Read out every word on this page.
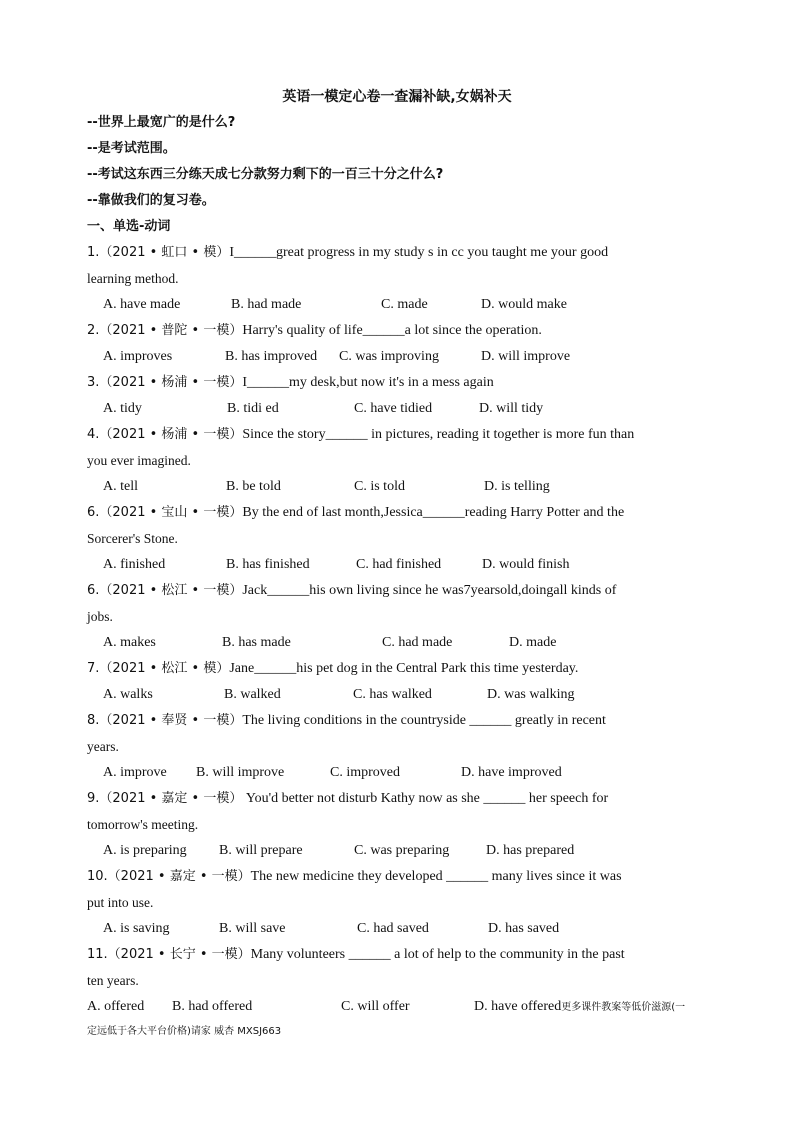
英语一模定心卷一查漏补缺,女娲补天
--世界上最宽广的是什么?
--是考试范围。
--考试这东西三分练天成七分款努力剩下的一百三十分之什么?
--靠做我们的复习卷。
一、单选-动词
1.（2021 • 虹口 • 模）I______great progress in my study s in cc you taught me your good
learning method.
A. have made	B. had made	C. made	D. would make
2.（2021 • 普陀 • 一模）Harry's quality of life______a lot since the operation.
A. improves	B. has improved C. was improving	D. will improve
3.（2021 • 杨浦 • 一模）I______my desk,but now it's in a mess again
A. tidy	B. tidi ed	C. have tidied	D. will tidy
4.（2021 • 杨浦 • 一模）Since the story______ in pictures, reading it together is more fun than
you ever imagined.
A. tell	B. be told	C. is told	D. is telling
6.（2021 • 宝山 • 一模）By the end of last month,Jessica______reading Harry Potter and the
Sorcerer's Stone.
A. finished	B. has finished	C. had finished	D. would finish
6.（2021 • 松江 • 一模）Jack______his own living since he was7yearsold,doingall kinds of
jobs.
A. makes	B. has made	C. had made	D. made
7.（2021 • 松江 • 模）Jane______his pet dog in the Central Park this time yesterday.
A. walks	B. walked	C. has walked	D. was walking
8.（2021 • 奉贤 • 一模）The living conditions in the countryside ______ greatly in recent
years.
A. improve B. will improve	C. improved	D. have improved
9.（2021 • 嘉定 • 一模） You'd better not disturb Kathy now as she ______ her speech for
tomorrow's meeting.
A. is preparing B. will prepare	C. was preparing	D. has prepared
10.（2021 • 嘉定 • 一模）The new medicine they developed ______ many lives since it was
put into use.
A. is saving	B. will save	C. had saved	D. has saved
11.（2021 • 长宁 • 一模）Many volunteers ______ a lot of help to the community in the past
ten years.
A. offered B. had offered	C. will offer	D. have offered更多课件教案等低价滋源(一
定远低于各大平台价格)请家 威杏 MXSJ663
